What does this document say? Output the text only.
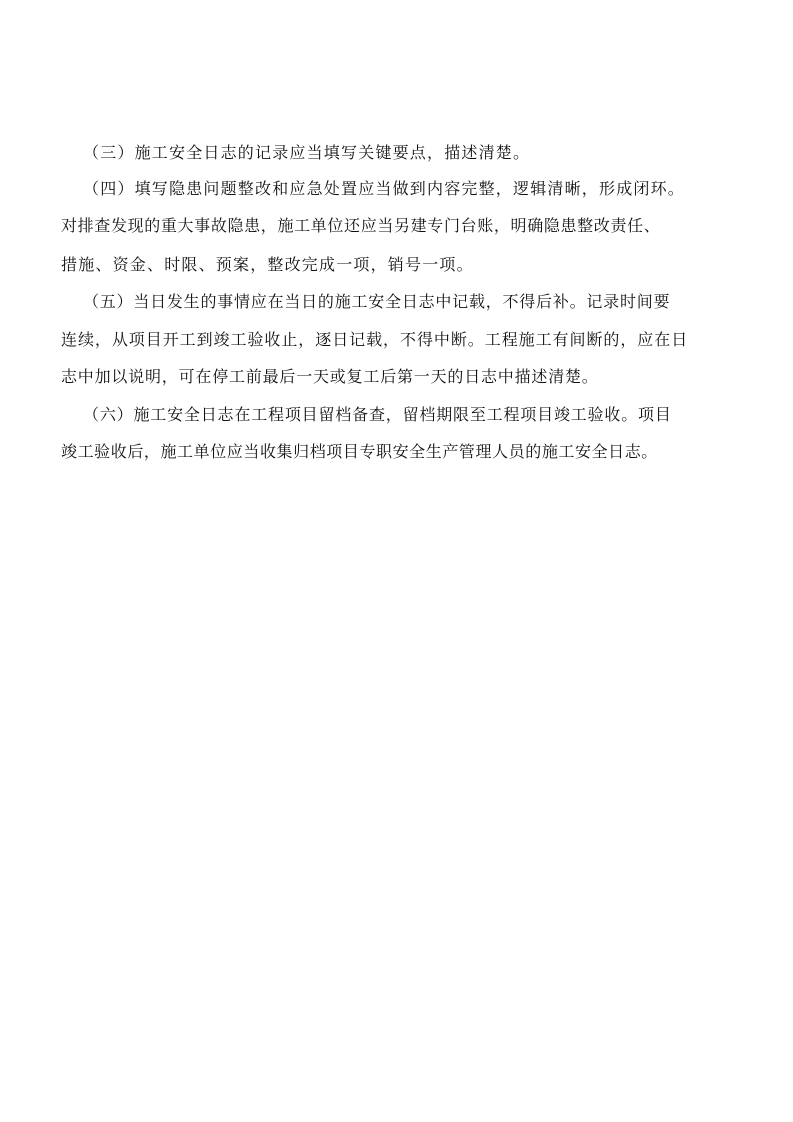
（三）施工安全日志的记录应当填写关键要点，描述清楚。
（四）填写隐患问题整改和应急处置应当做到内容完整，逻辑清晰，形成闭环。
对排查发现的重大事故隐患，施工单位还应当另建专门台账，明确隐患整改责任、
措施、资金、时限、预案，整改完成一项，销号一项。
（五）当日发生的事情应在当日的施工安全日志中记载，不得后补。记录时间要
连续，从项目开工到竣工验收止，逐日记载，不得中断。工程施工有间断的，应在日
志中加以说明，可在停工前最后一天或复工后第一天的日志中描述清楚。
（六）施工安全日志在工程项目留档备查，留档期限至工程项目竣工验收。项目
竣工验收后，施工单位应当收集归档项目专职安全生产管理人员的施工安全日志。
